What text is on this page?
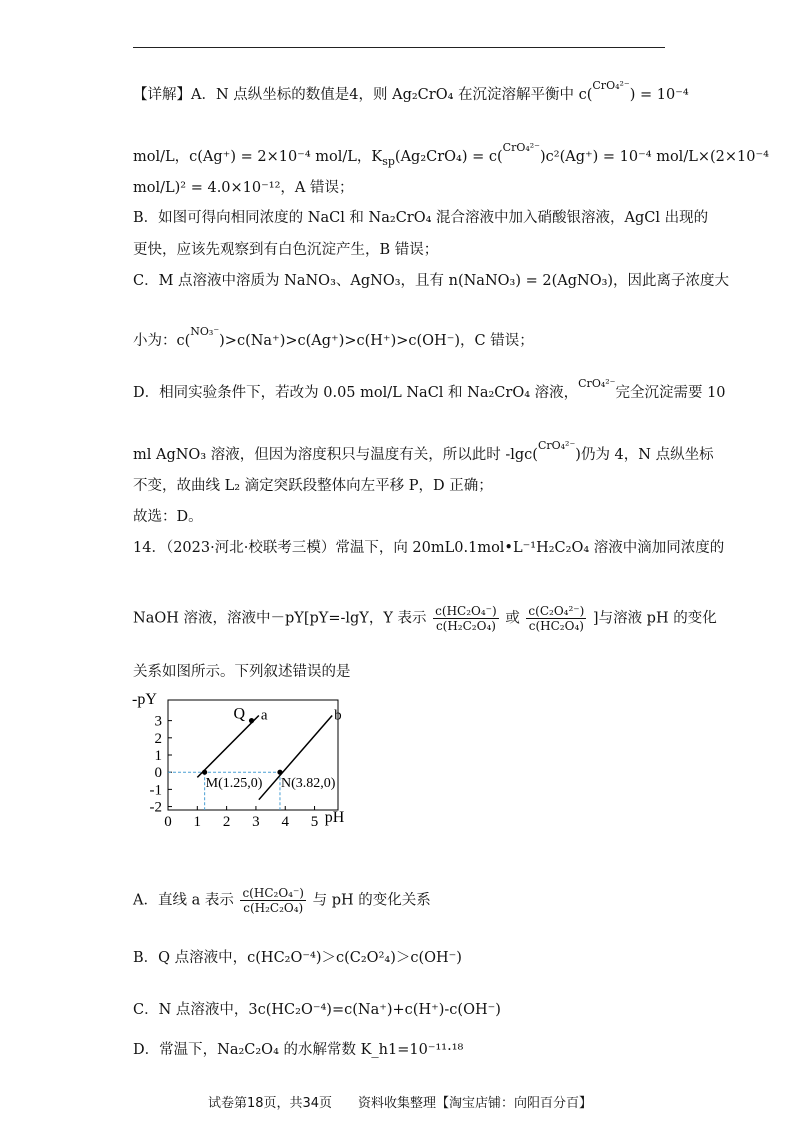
【详解】A．N 点纵坐标的数值是4，则 Ag₂CrO₄ 在沉淀溶解平衡中 c(CrO₄²⁻) = 10⁻⁴
mol/L，c(Ag⁺) = 2×10⁻⁴ mol/L，$K_{sp}(Ag_2CrO_4) = c(CrO_4^{2-})c^2(Ag^+) = 10^{-4}$ mol/L×(2×10⁻⁴
mol/L)² = 4.0×10⁻¹²，A 错误；
B．如图可得向相同浓度的 NaCl 和 Na₂CrO₄ 混合溶液中加入硝酸银溶液，AgCl 出现的
更快，应该先观察到有白色沉淀产生，B 错误；
C．M 点溶液中溶质为 NaNO₃、AgNO₃，且有 n(NaNO₃) = 2(AgNO₃)，因此离子浓度大
小为：c(NO₃⁻)>c(Na⁺)>c(Ag⁺)>c(H⁺)>c(OH⁻)，C 错误；
D．相同实验条件下，若改为 0.05 mol/L NaCl 和 Na₂CrO₄ 溶液，CrO₄²⁻完全沉淀需要 10
ml AgNO₃ 溶液，但因为溶度积只与温度有关，所以此时 -lgc(CrO₄²⁻)仍为 4，N 点纵坐标
不变，故曲线 L₂ 滴定突跃段整体向左平移 P，D 正确；
故选：D。
14．（2023·河北·校联考三模）常温下，向 20mL0.1mol•L⁻¹H₂C₂O₄ 溶液中滴加同浓度的
NaOH 溶液，溶液中－pY[pY=-lgY，Y 表示 $\frac{\text{c(HC₂O₄⁻)}}{\text{c(H₂C₂O₄)}}$ 或 $\frac{\text{c(C₂O₄²⁻)}}{\text{c(HC₂O₄)}}$ ]与溶液 pH 的变化
关系如图所示。下列叙述错误的是
-pY
3
2
1
0
-1
-2
0 1 2 3 4 5 pH
a	b
Q
M(1.25,0) N(3.82,0)
A．直线 a 表示 $\frac{\text{c(HC₂O₄⁻)}}{\text{c(H₂C₂O₄)}}$ 与 pH 的变化关系
B．Q 点溶液中，c(HC₂O⁻⁴)＞c(C₂O²₄)＞c(OH⁻)
C．N 点溶液中，3c(HC₂O⁻⁴)=c(Na⁺)+c(H⁺)-c(OH⁻)
D．常温下，Na₂C₂O₄ 的水解常数 K_h1=10⁻¹¹·¹⁸
试卷第18页，共34页　　资料收集整理【淘宝店铺：向阳百分百】
